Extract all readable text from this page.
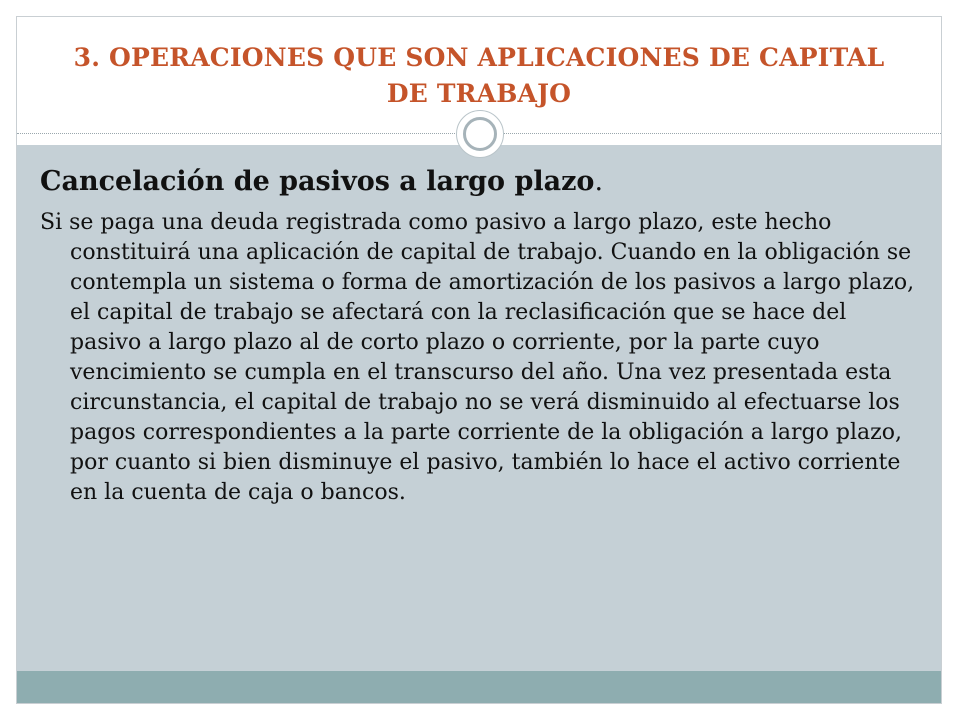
3. OPERACIONES QUE SON APLICACIONES DE CAPITAL DE TRABAJO

Cancelación de pasivos a largo plazo.

Si se paga una deuda registrada como pasivo a largo plazo, este hecho constituirá una aplicación de capital de trabajo. Cuando en la obligación se contempla un sistema o forma de amortización de los pasivos a largo plazo, el capital de trabajo se afectará con la reclasificación que se hace del pasivo a largo plazo al de corto plazo o corriente, por la parte cuyo vencimiento se cumpla en el transcurso del año. Una vez presentada esta circunstancia, el capital de trabajo no se verá disminuido al efectuarse los pagos correspondientes a la parte corriente de la obligación a largo plazo, por cuanto si bien disminuye el pasivo, también lo hace el activo corriente en la cuenta de caja o bancos.
